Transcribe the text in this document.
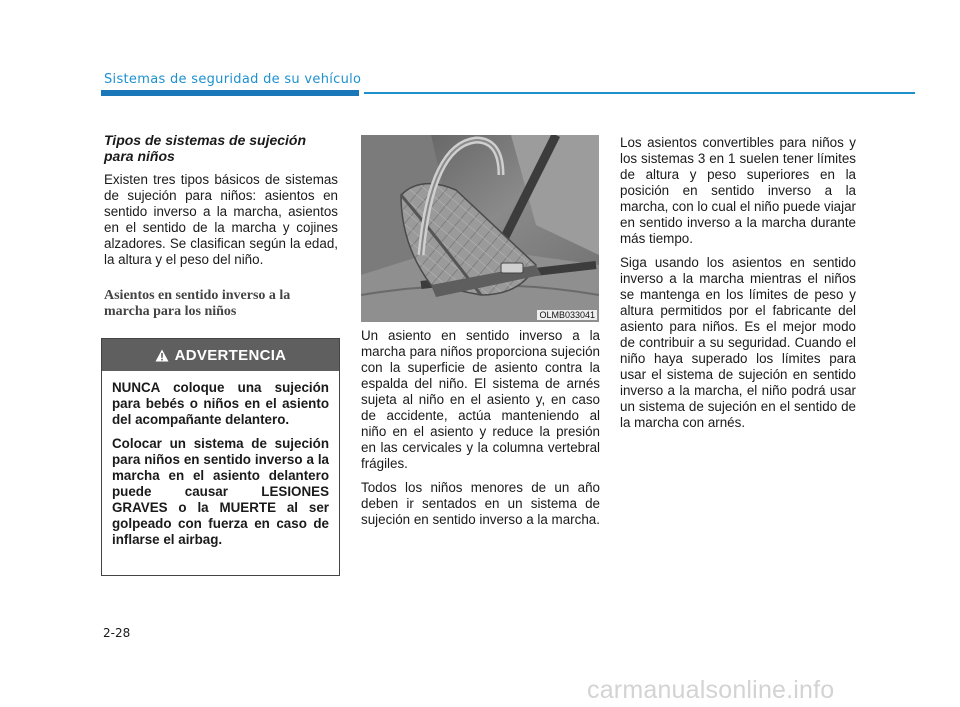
Sistemas de seguridad de su vehículo
Tipos de sistemas de sujeción para niños

Existen tres tipos básicos de sistemas de sujeción para niños: asientos en sentido inverso a la marcha, asientos en el sentido de la marcha y cojines alzadores. Se clasifican según la edad, la altura y el peso del niño.

Asientos en sentido inverso a la marcha para los niños
ADVERTENCIA

NUNCA coloque una sujeción para bebés o niños en el asiento del acompañante delantero.

Colocar un sistema de sujeción para niños en sentido inverso a la marcha en el asiento delantero puede causar LESIONES GRAVES o la MUERTE al ser golpeado con fuerza en caso de inflarse el airbag.

OLMB033041

Un asiento en sentido inverso a la marcha para niños proporciona sujeción con la superficie de asiento contra la espalda del niño. El sistema de arnés sujeta al niño en el asiento y, en caso de accidente, actúa manteniendo al niño en el asiento y reduce la presión en las cervicales y la columna vertebral frágiles.

Todos los niños menores de un año deben ir sentados en un sistema de sujeción en sentido inverso a la marcha.

Los asientos convertibles para niños y los sistemas 3 en 1 suelen tener límites de altura y peso superiores en la posición en sentido inverso a la marcha, con lo cual el niño puede viajar en sentido inverso a la marcha durante más tiempo.

Siga usando los asientos en sentido inverso a la marcha mientras el niños se mantenga en los límites de peso y altura permitidos por el fabricante del asiento para niños. Es el mejor modo de contribuir a su seguridad. Cuando el niño haya superado los límites para usar el sistema de sujeción en sentido inverso a la marcha, el niño podrá usar un sistema de sujeción en el sentido de la marcha con arnés.

2-28
carmanualsonline.info
